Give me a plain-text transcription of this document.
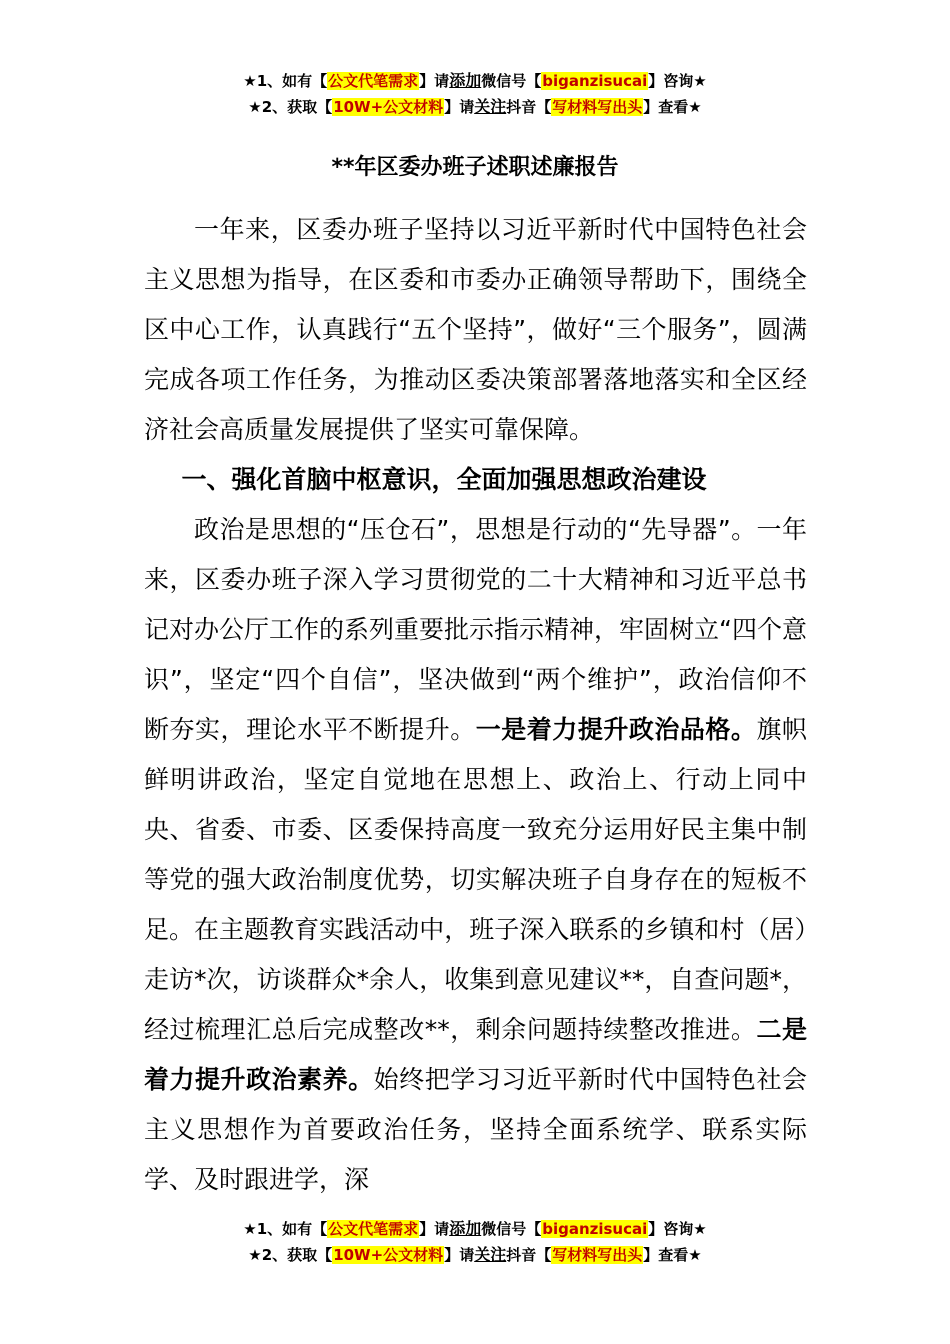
★1、如有【公文代笔需求】请添加微信号【biganzisucai】咨询★
★2、获取【10W+公文材料】请关注抖音【写材料写出头】查看★
**年区委办班子述职述廉报告

一年来，区委办班子坚持以习近平新时代中国特色社会主义思想为指导，在区委和市委办正确领导帮助下，围绕全区中心工作，认真践行“五个坚持”，做好“三个服务”，圆满完成各项工作任务，为推动区委决策部署落地落实和全区经济社会高质量发展提供了坚实可靠保障。

一、强化首脑中枢意识，全面加强思想政治建设

政治是思想的“压仓石”，思想是行动的“先导器”。一年来，区委办班子深入学习贯彻党的二十大精神和习近平总书记对办公厅工作的系列重要批示指示精神，牢固树立“四个意识”，坚定“四个自信”，坚决做到“两个维护”，政治信仰不断夯实，理论水平不断提升。一是着力提升政治品格。旗帜鲜明讲政治，坚定自觉地在思想上、政治上、行动上同中央、省委、市委、区委保持高度一致充分运用好民主集中制等党的强大政治制度优势，切实解决班子自身存在的短板不足。在主题教育实践活动中，班子深入联系的乡镇和村（居）走访*次，访谈群众*余人，收集到意见建议**，自查问题*，经过梳理汇总后完成整改**，剩余问题持续整改推进。二是着力提升政治素养。始终把学习习近平新时代中国特色社会主义思想作为首要政治任务，坚持全面系统学、联系实际学、及时跟进学，深

★1、如有【公文代笔需求】请添加微信号【biganzisucai】咨询★
★2、获取【10W+公文材料】请关注抖音【写材料写出头】查看★
